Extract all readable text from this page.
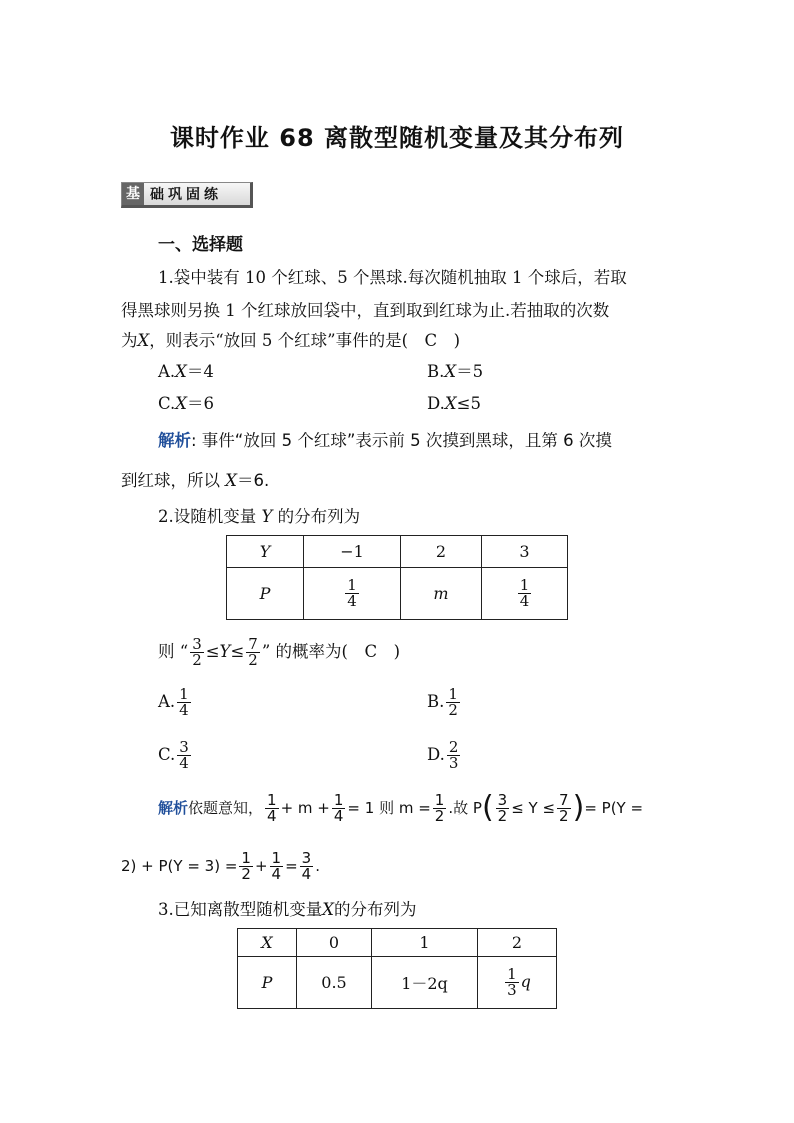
课时作业 68 离散型随机变量及其分布列
基 础巩固练
一、选择题
1.袋中装有 10 个红球、5 个黑球.每次随机抽取 1 个球后，若取
得黑球则另换 1 个红球放回袋中，直到取到红球为止.若抽取的次数
为X，则表示“放回 5 个红球”事件的是(　C　)
A.X＝4	B.X＝5
C.X＝6	D.X≤5
解析: 事件“放回 5 个红球”表示前 5 次摸到黑球，且第 6 次摸
到红球，所以 X＝6.
2.设随机变量 Y 的分布列为
Y	−1	2	3
P	$\frac{1}{4}$	m	$\frac{1}{4}$
则 “ $\frac{3}{2} \le Y\le \frac{7}{2}$ ” 的概率为(　C　)
A. $\frac{1}{4}$	B. $\frac{1}{2}$
C. $\frac{3}{4}$	D. $\frac{2}{3}$
解析 依题意知， $\frac{1}{4} + m + \frac{1}{4} = 1$ 则 $m = \frac{1}{2}$ .故 P ( $\frac{3}{2} \le Y \le \frac{7}{2}$ ) = P(Y =
$2) + P(Y = 3) = \frac{1}{2} + \frac{1}{4} = \frac{3}{4}$ .
3.已知离散型随机变量X的分布列为
X	0	1	2
P	0.5	1－2q	$\frac{1}{3}$ q
